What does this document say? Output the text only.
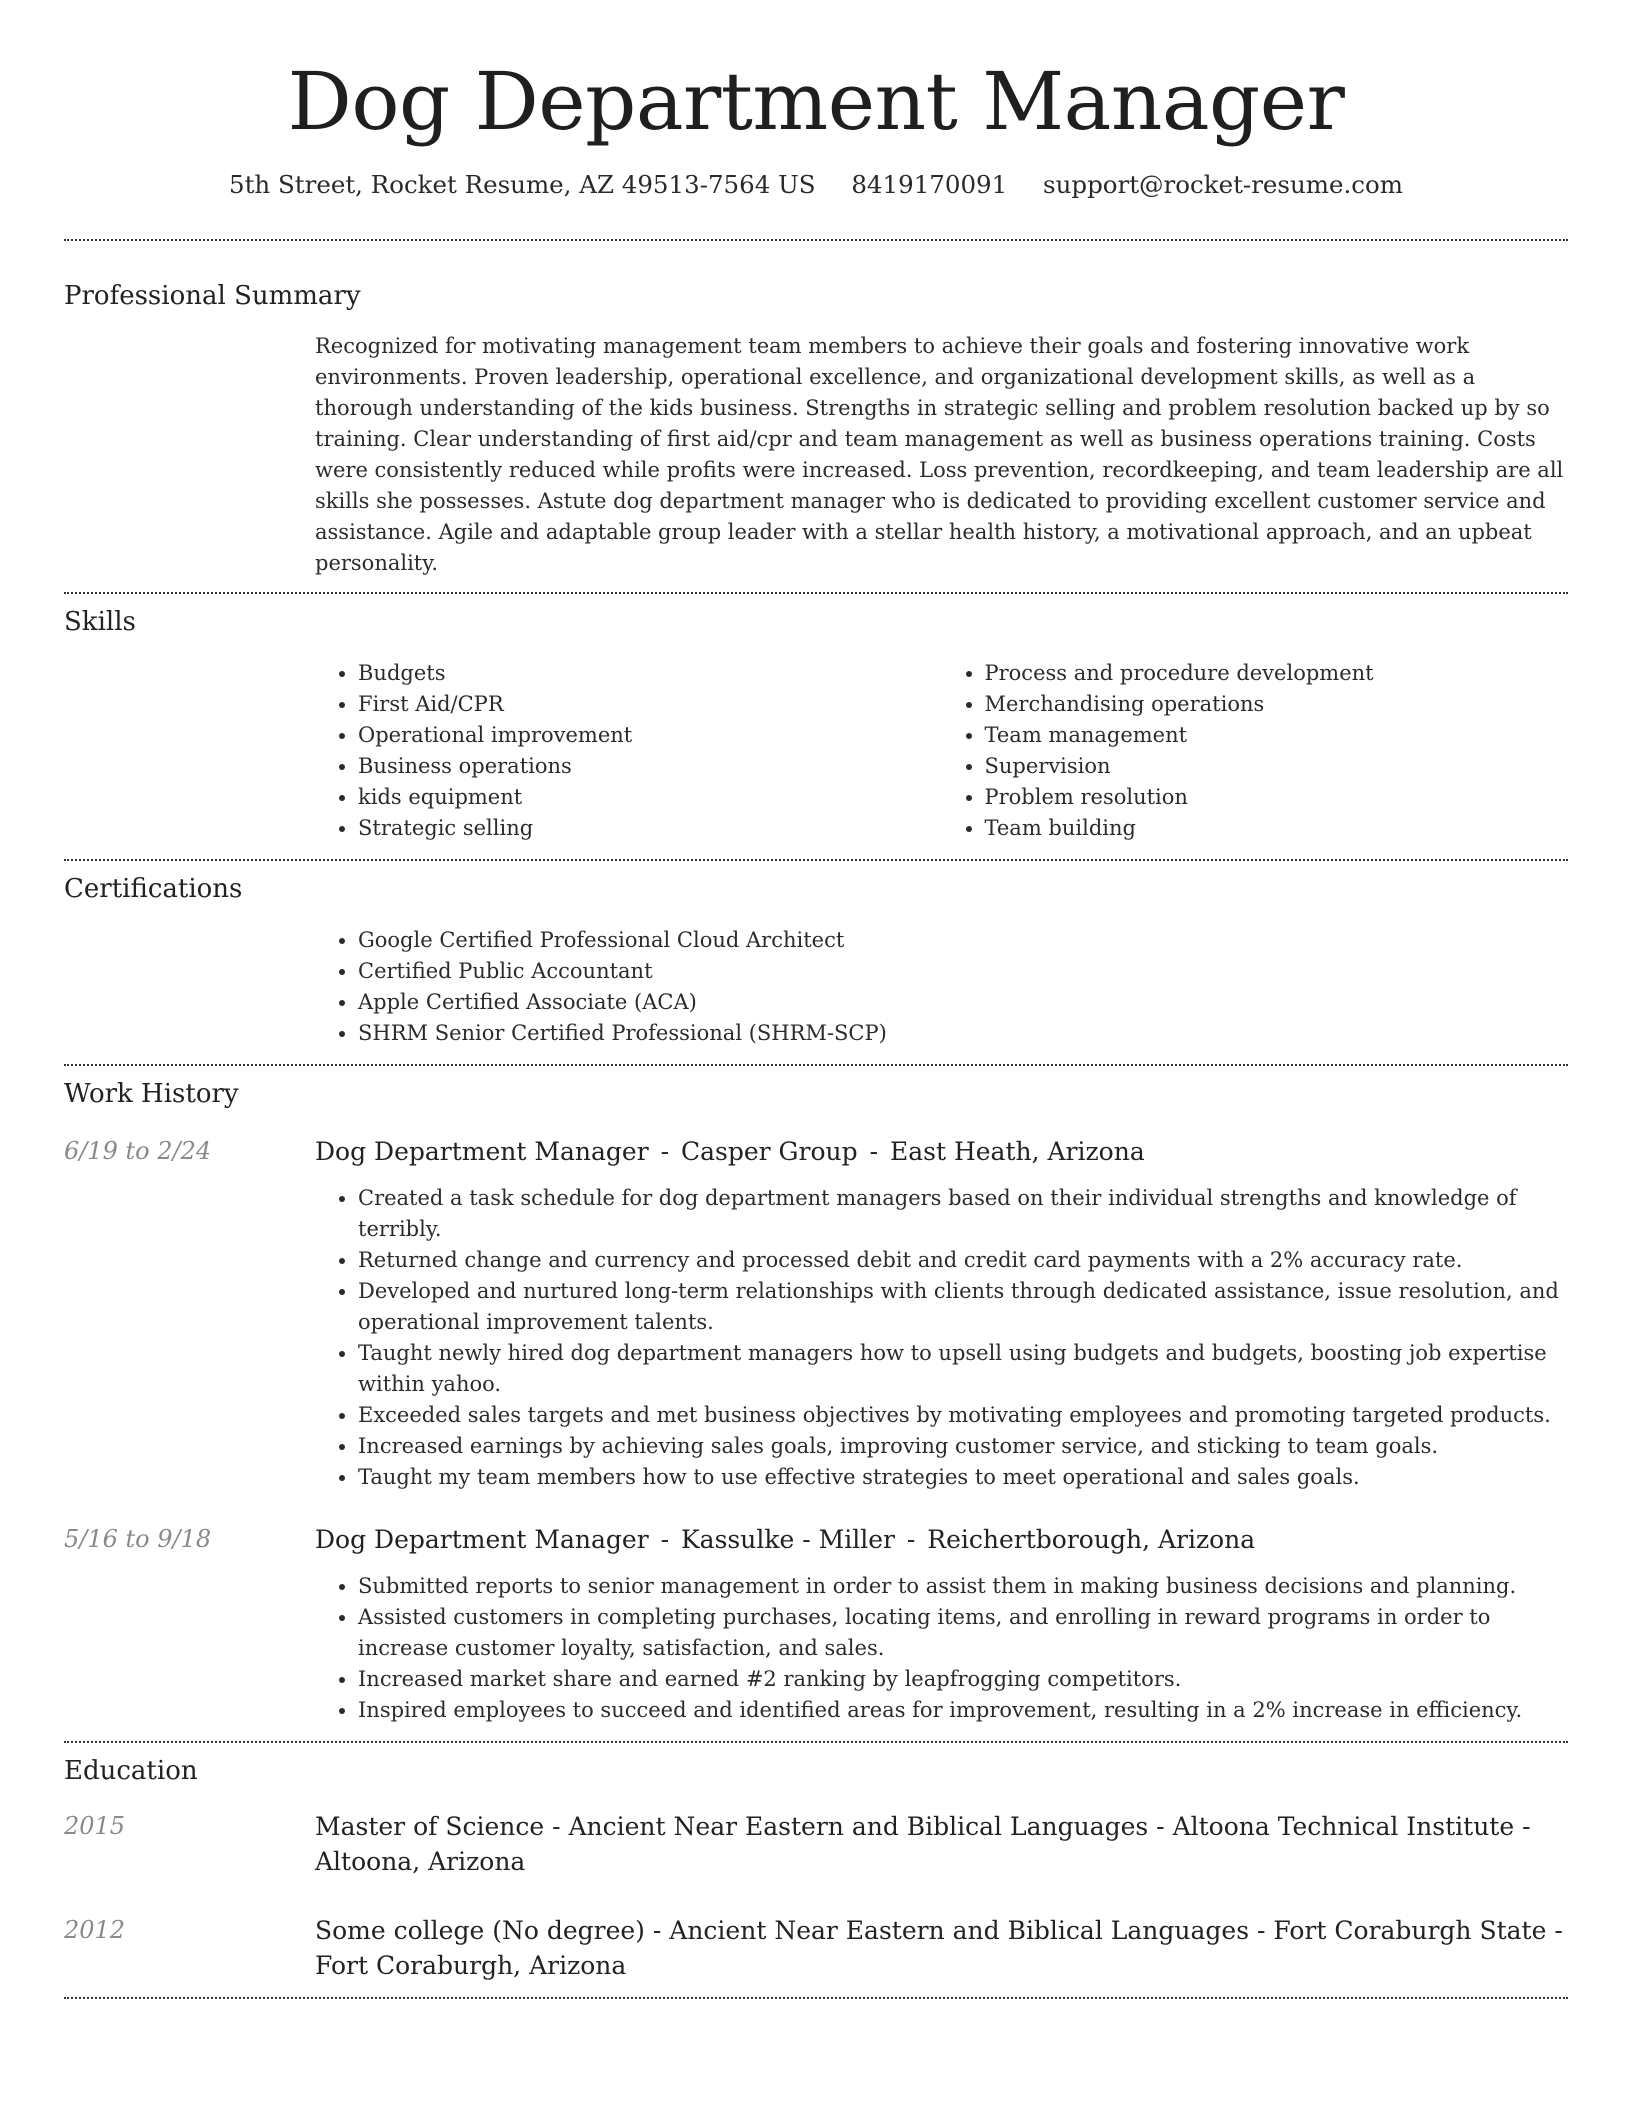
Dog Department Manager
5th Street, Rocket Resume, AZ 49513-7564 US 8419170091 support@rocket-resume.com
Professional Summary

Recognized for motivating management team members to achieve their goals and fostering innovative work environments. Proven leadership, operational excellence, and organizational development skills, as well as a thorough understanding of the kids business. Strengths in strategic selling and problem resolution backed up by so training. Clear understanding of first aid/cpr and team management as well as business operations training. Costs were consistently reduced while profits were increased. Loss prevention, recordkeeping, and team leadership are all skills she possesses. Astute dog department manager who is dedicated to providing excellent customer service and assistance. Agile and adaptable group leader with a stellar health history, a motivational approach, and an upbeat personality.

Skills
• Budgets
• First Aid/CPR
• Operational improvement
• Business operations
• kids equipment
• Strategic selling
• Process and procedure development
• Merchandising operations
• Team management
• Supervision
• Problem resolution
• Team building
Certifications
• Google Certified Professional Cloud Architect
• Certified Public Accountant
• Apple Certified Associate (ACA)
• SHRM Senior Certified Professional (SHRM-SCP)
Work History
6/19 to 2/24	Dog Department Manager - Casper Group - East Heath, Arizona
• Created a task schedule for dog department managers based on their individual strengths and knowledge of terribly.
• Returned change and currency and processed debit and credit card payments with a 2% accuracy rate.
• Developed and nurtured long-term relationships with clients through dedicated assistance, issue resolution, and operational improvement talents.
• Taught newly hired dog department managers how to upsell using budgets and budgets, boosting job expertise within yahoo.
• Exceeded sales targets and met business objectives by motivating employees and promoting targeted products.
• Increased earnings by achieving sales goals, improving customer service, and sticking to team goals.
• Taught my team members how to use effective strategies to meet operational and sales goals.
5/16 to 9/18	Dog Department Manager - Kassulke - Miller - Reichertborough, Arizona
• Submitted reports to senior management in order to assist them in making business decisions and planning.
• Assisted customers in completing purchases, locating items, and enrolling in reward programs in order to increase customer loyalty, satisfaction, and sales.
• Increased market share and earned #2 ranking by leapfrogging competitors.
• Inspired employees to succeed and identified areas for improvement, resulting in a 2% increase in efficiency.
Education
2015	Master of Science - Ancient Near Eastern and Biblical Languages - Altoona Technical Institute - Altoona, Arizona
2012	Some college (No degree) - Ancient Near Eastern and Biblical Languages - Fort Coraburgh State - Fort Coraburgh, Arizona
